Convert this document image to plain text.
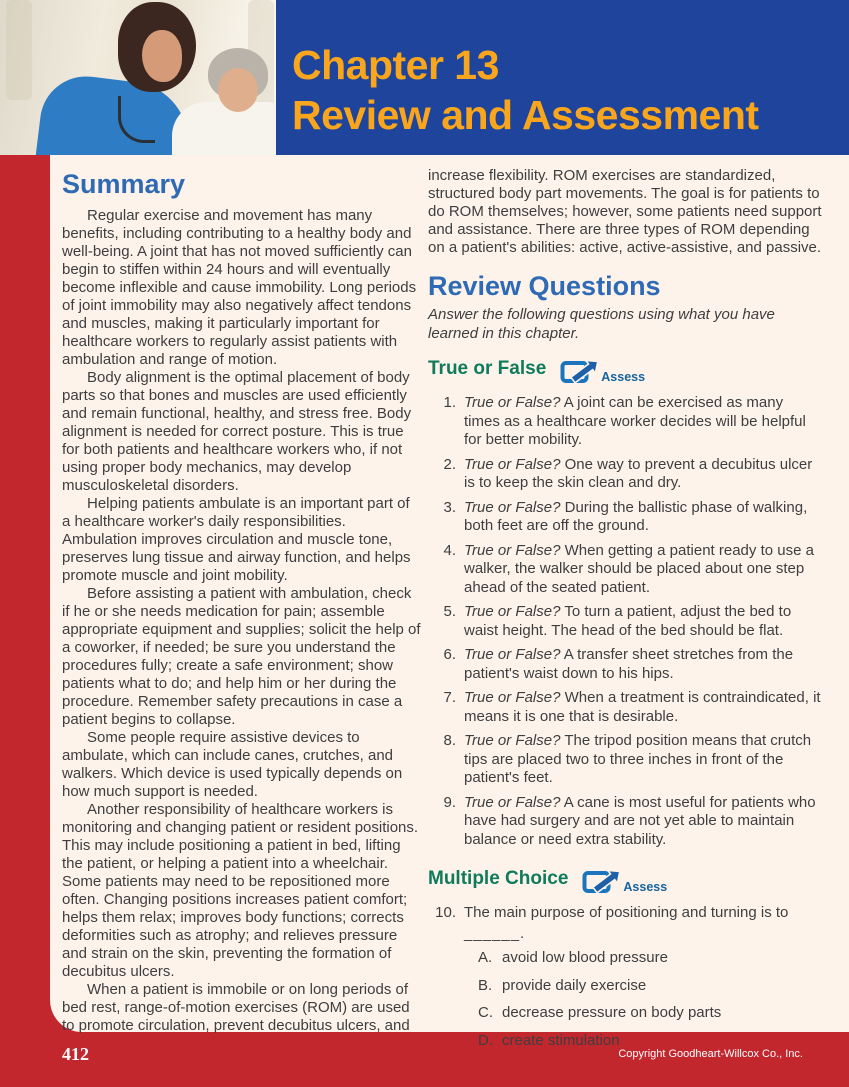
Chapter 13
Review and Assessment
Summary

Regular exercise and movement has many benefits, including contributing to a healthy body and well-being. A joint that has not moved sufficiently can begin to stiffen within 24 hours and will eventually become inflexible and cause immobility. Long periods of joint immobility may also negatively affect tendons and muscles, making it particularly important for healthcare workers to regularly assist patients with ambulation and range of motion.

Body alignment is the optimal placement of body parts so that bones and muscles are used efficiently and remain functional, healthy, and stress free. Body alignment is needed for correct posture. This is true for both patients and healthcare workers who, if not using proper body mechanics, may develop musculoskeletal disorders.

Helping patients ambulate is an important part of a healthcare worker's daily responsibilities. Ambulation improves circulation and muscle tone, preserves lung tissue and airway function, and helps promote muscle and joint mobility.

Before assisting a patient with ambulation, check if he or she needs medication for pain; assemble appropriate equipment and supplies; solicit the help of a coworker, if needed; be sure you understand the procedures fully; create a safe environment; show patients what to do; and help him or her during the procedure. Remember safety precautions in case a patient begins to collapse.

Some people require assistive devices to ambulate, which can include canes, crutches, and walkers. Which device is used typically depends on how much support is needed.

Another responsibility of healthcare workers is monitoring and changing patient or resident positions. This may include positioning a patient in bed, lifting the patient, or helping a patient into a wheelchair. Some patients may need to be repositioned more often. Changing positions increases patient comfort; helps them relax; improves body functions; corrects deformities such as atrophy; and relieves pressure and strain on the skin, preventing the formation of decubitus ulcers.

When a patient is immobile or on long periods of bed rest, range-of-motion exercises (ROM) are used to promote circulation, prevent decubitus ulcers, and

increase flexibility. ROM exercises are standardized, structured body part movements. The goal is for patients to do ROM themselves; however, some patients need support and assistance. There are three types of ROM depending on a patient's abilities: active, active-assistive, and passive.

Review Questions

Answer the following questions using what you have learned in this chapter.

True or False	Assess
1. True or False? A joint can be exercised as many times as a healthcare worker decides will be helpful for better mobility.
2. True or False? One way to prevent a decubitus ulcer is to keep the skin clean and dry.
3. True or False? During the ballistic phase of walking, both feet are off the ground.
4. True or False? When getting a patient ready to use a walker, the walker should be placed about one step ahead of the seated patient.
5. True or False? To turn a patient, adjust the bed to waist height. The head of the bed should be flat.
6. True or False? A transfer sheet stretches from the patient's waist down to his hips.
7. True or False? When a treatment is contraindicated, it means it is one that is desirable.
8. True or False? The tripod position means that crutch tips are placed two to three inches in front of the patient's feet.
9. True or False? A cane is most useful for patients who have had surgery and are not yet able to maintain balance or need extra stability.
Multiple Choice	Assess
10. The main purpose of positioning and turning is to
______.
A. avoid low blood pressure
B. provide daily exercise
C. decrease pressure on body parts
D. create stimulation
412	Copyright Goodheart-Willcox Co., Inc.
